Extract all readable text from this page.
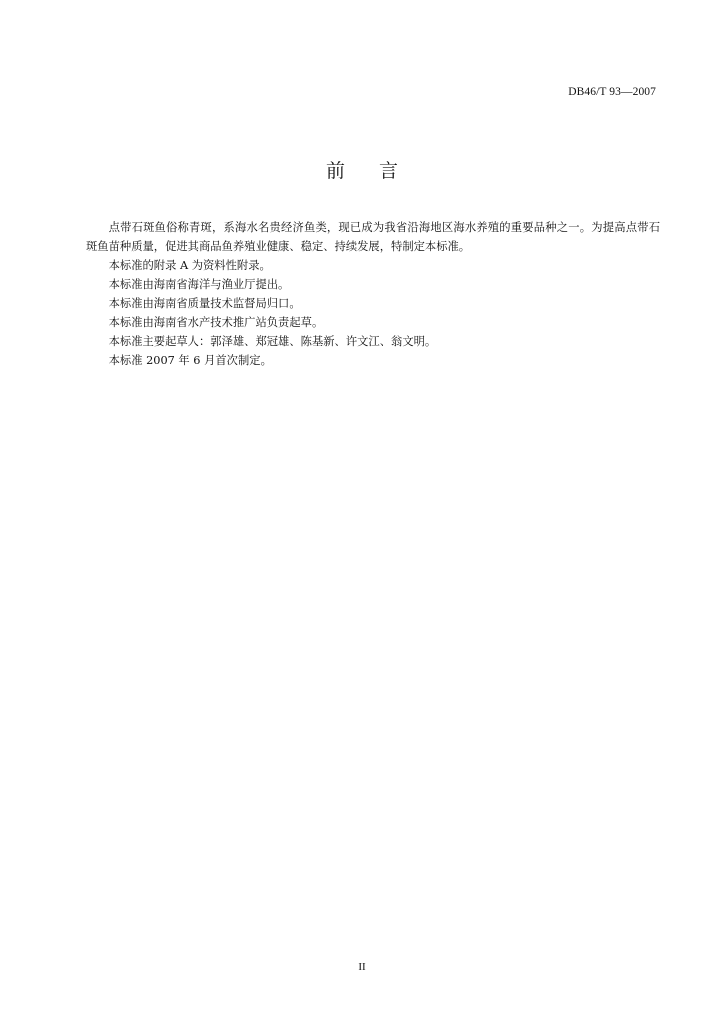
DB46/T 93—2007
前 言

点带石斑鱼俗称青斑，系海水名贵经济鱼类，现已成为我省沿海地区海水养殖的重要品种之一。为提高点带石斑鱼苗种质量，促进其商品鱼养殖业健康、稳定、持续发展，特制定本标准。

本标准的附录 A 为资料性附录。

本标准由海南省海洋与渔业厅提出。

本标准由海南省质量技术监督局归口。

本标准由海南省水产技术推广站负责起草。

本标准主要起草人：郭泽雄、郑冠雄、陈基新、许文江、翁文明。

本标准 2007 年 6 月首次制定。

II
